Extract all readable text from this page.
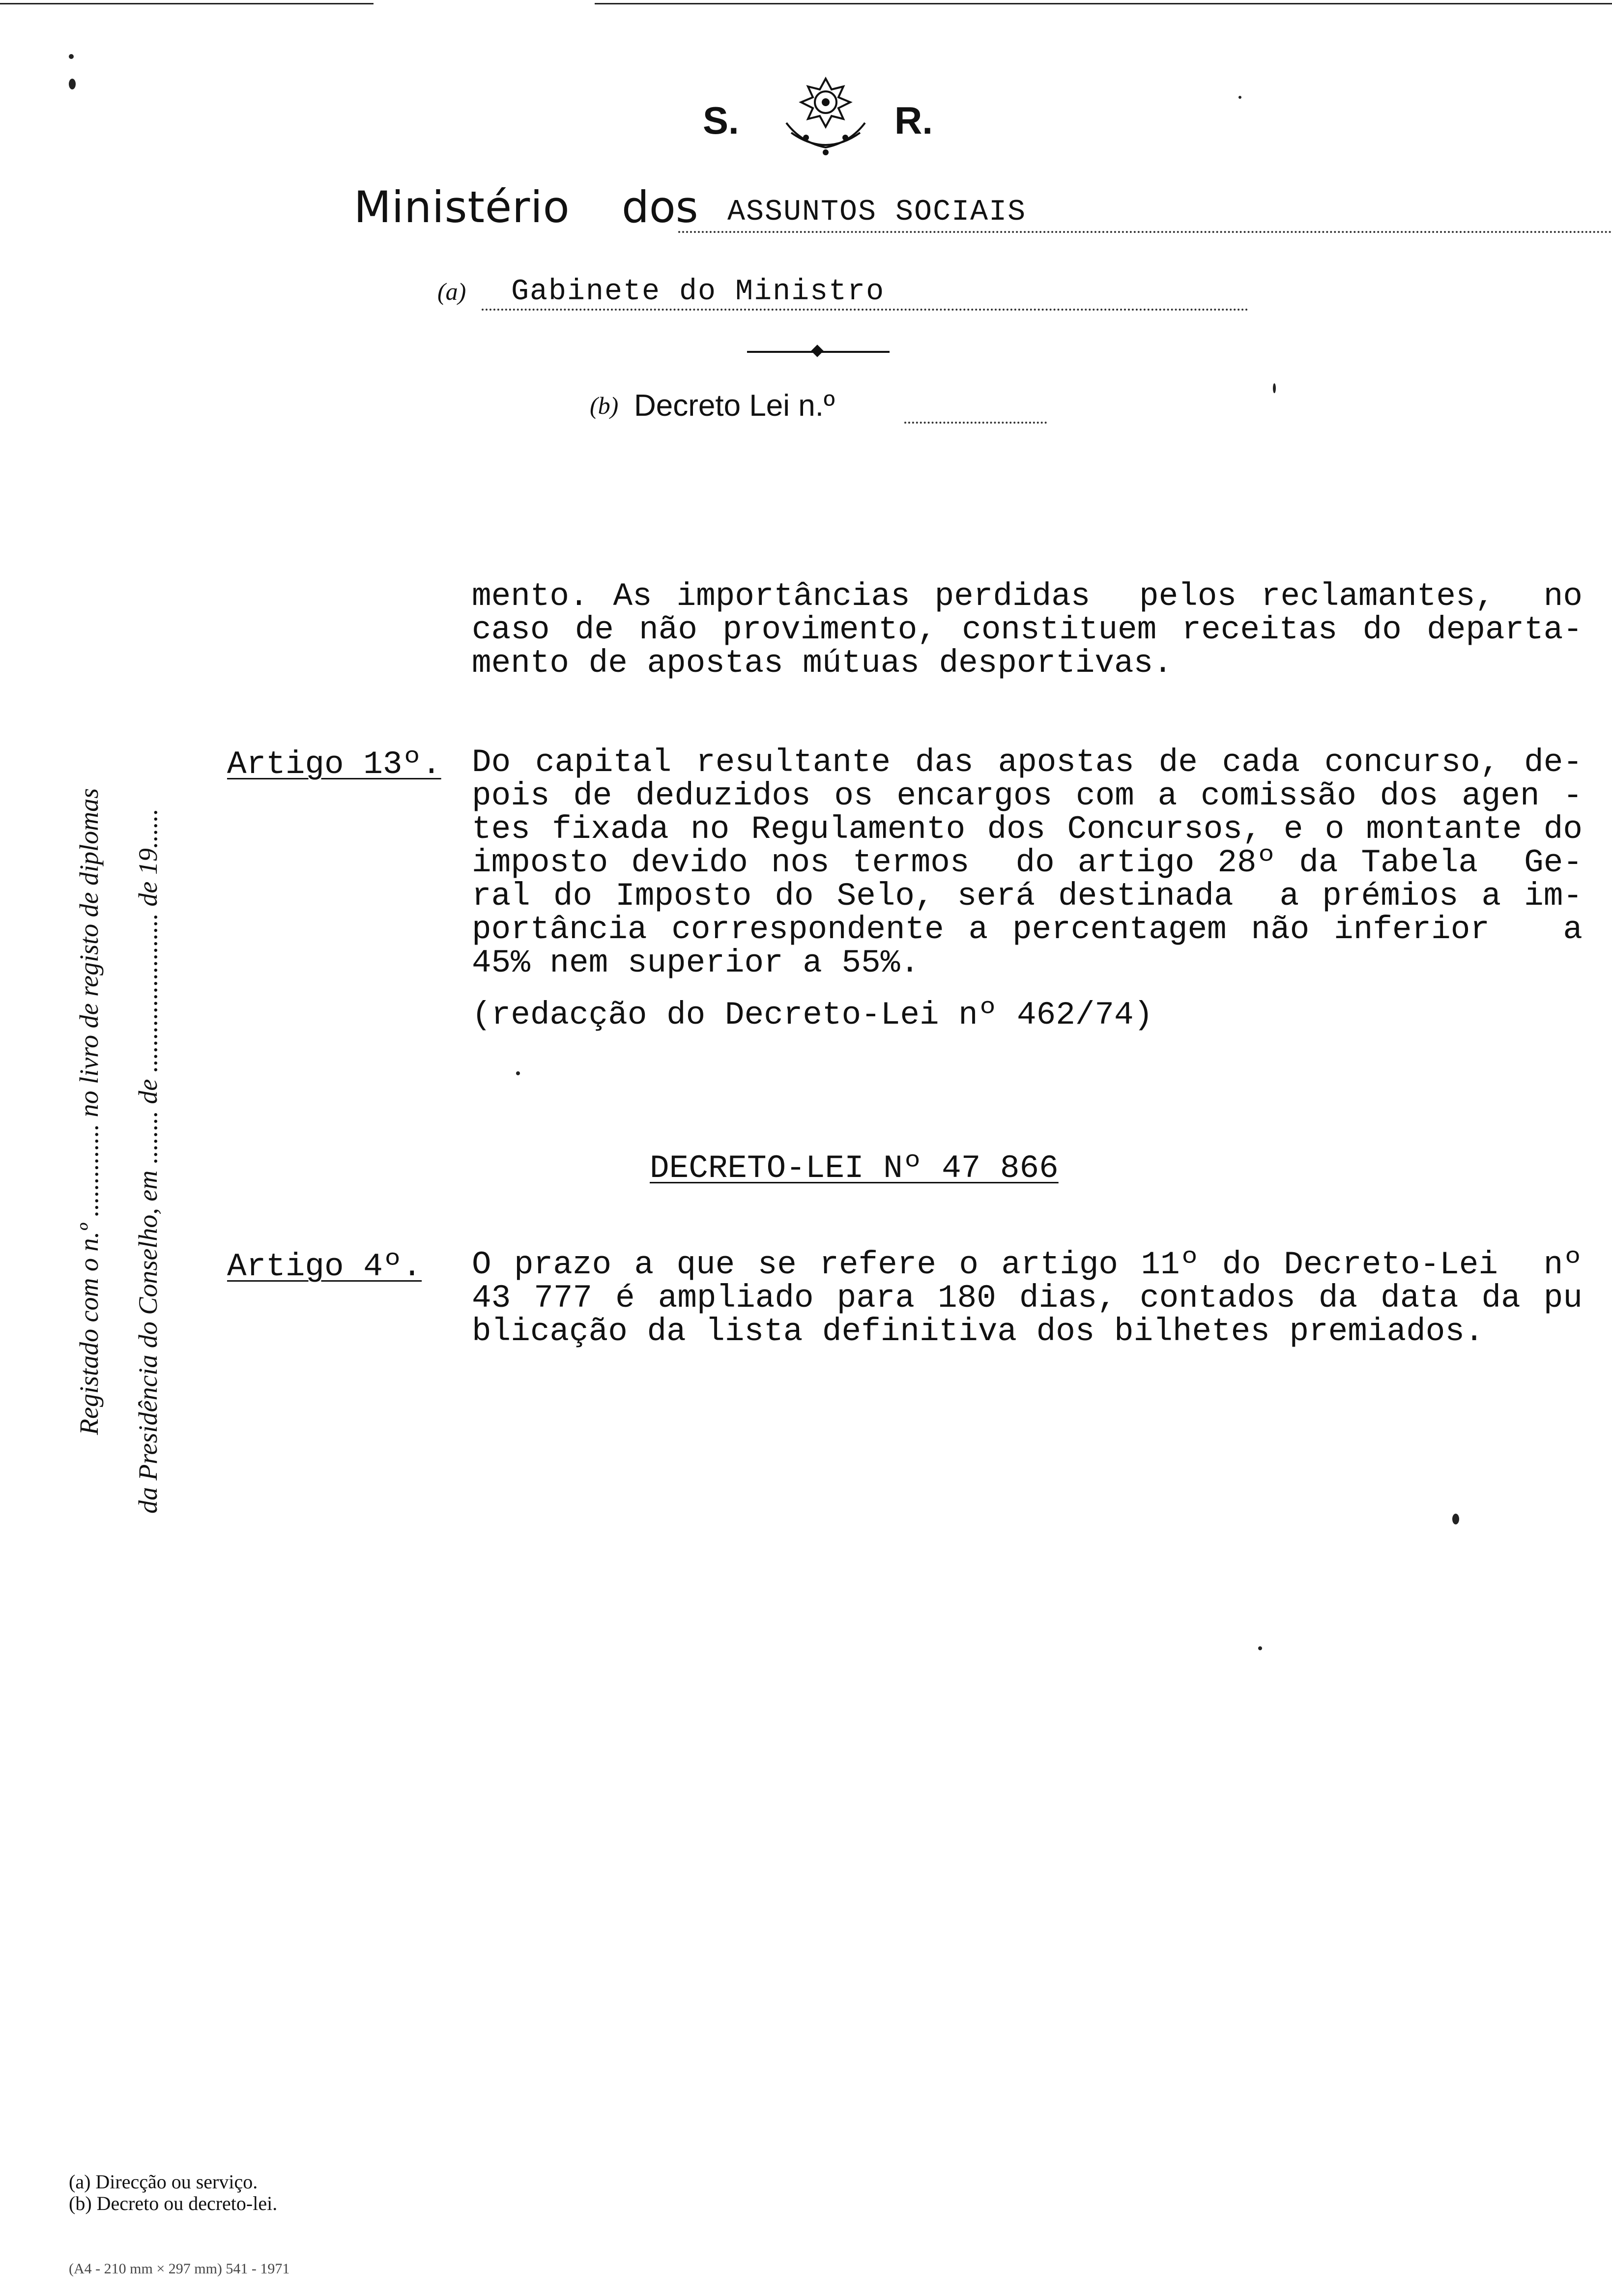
S.	R.
Ministério dos ASSUNTOS SOCIAIS
(a) Gabinete do Ministro
(b) Decreto Lei n.º
Registado com o n.º .............. no livro de registo de diplomas da Presidência do Conselho, em ........ de ........................ de 19......
mento. As importâncias perdidas  pelos reclamantes,  no
caso de não provimento, constituem receitas do departa-
mento de apostas mútuas desportivas.
Artigo 13º. Do capital resultante das apostas de cada concurso, de-
pois de deduzidos os encargos com a comissão dos agen -
tes fixada no Regulamento dos Concursos, e o montante do
imposto devido nos termos  do artigo 28º da Tabela  Ge-
ral do Imposto do Selo, será destinada  a prémios a im-
portância correspondente a percentagem não inferior   a
45% nem superior a 55%.
(redacção do Decreto-Lei nº 462/74)
DECRETO-LEI Nº 47 866
Artigo 4º. O prazo a que se refere o artigo 11º do Decreto-Lei  nº
43 777 é ampliado para 180 dias, contados da data da pu
blicação da lista definitiva dos bilhetes premiados.
(a) Direcção ou serviço.
(b) Decreto ou decreto-lei.
(A4 - 210 mm × 297 mm) 541 - 1971
